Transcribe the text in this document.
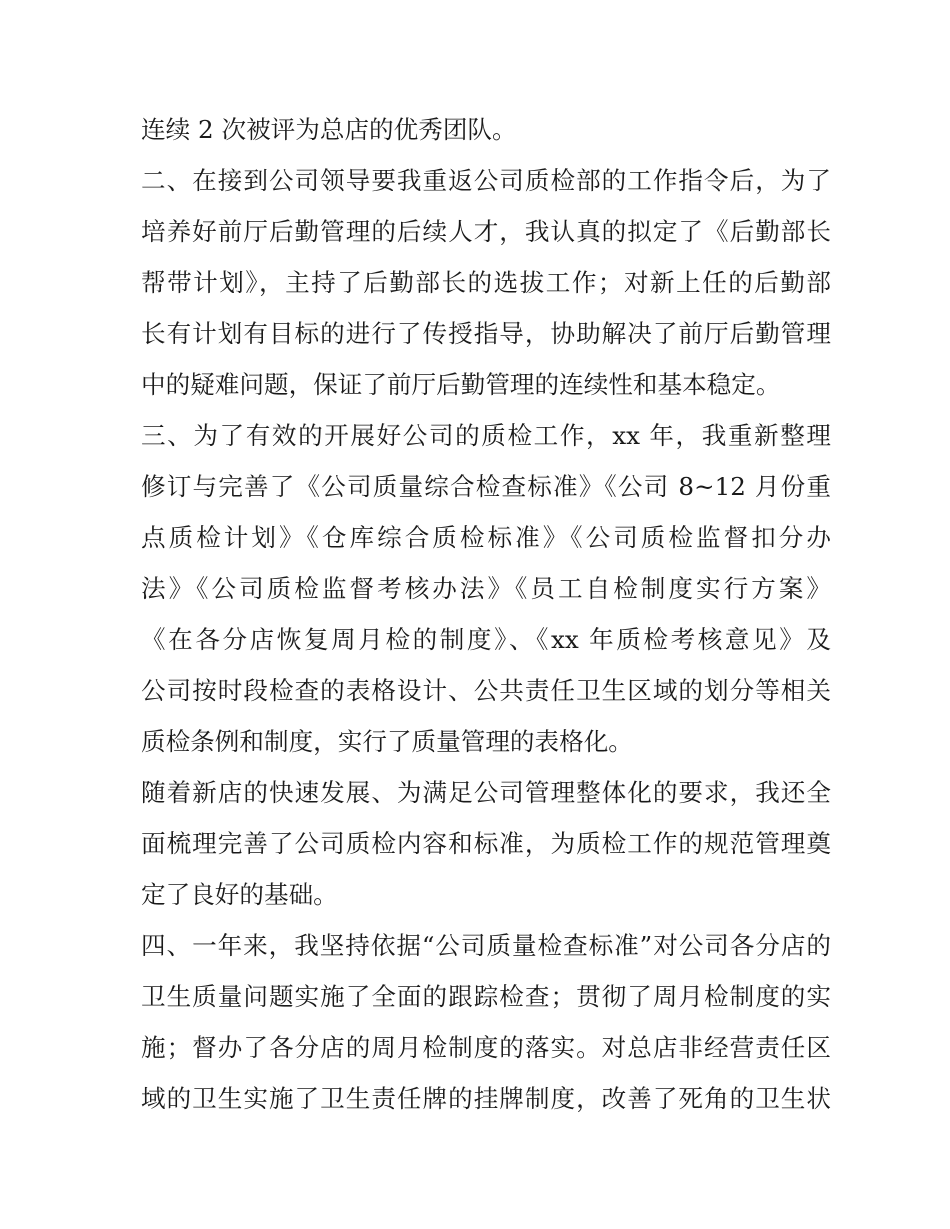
连续 2 次被评为总店的优秀团队。
二、在接到公司领导要我重返公司质检部的工作指令后，为了
培养好前厅后勤管理的后续人才，我认真的拟定了《后勤部长
帮带计划》，主持了后勤部长的选拔工作；对新上任的后勤部
长有计划有目标的进行了传授指导，协助解决了前厅后勤管理
中的疑难问题，保证了前厅后勤管理的连续性和基本稳定。
三、为了有效的开展好公司的质检工作，xx 年，我重新整理
修订与完善了《公司质量综合检查标准》《公司 8~12 月份重
点质检计划》《仓库综合质检标准》《公司质检监督扣分办
法》《公司质检监督考核办法》《员工自检制度实行方案》
《在各分店恢复周月检的制度》、《xx 年质检考核意见》及
公司按时段检查的表格设计、公共责任卫生区域的划分等相关
质检条例和制度，实行了质量管理的表格化。
随着新店的快速发展、为满足公司管理整体化的要求，我还全
面梳理完善了公司质检内容和标准，为质检工作的规范管理奠
定了良好的基础。
四、一年来，我坚持依据“公司质量检查标准”对公司各分店的
卫生质量问题实施了全面的跟踪检查；贯彻了周月检制度的实
施；督办了各分店的周月检制度的落实。对总店非经营责任区
域的卫生实施了卫生责任牌的挂牌制度，改善了死角的卫生状
